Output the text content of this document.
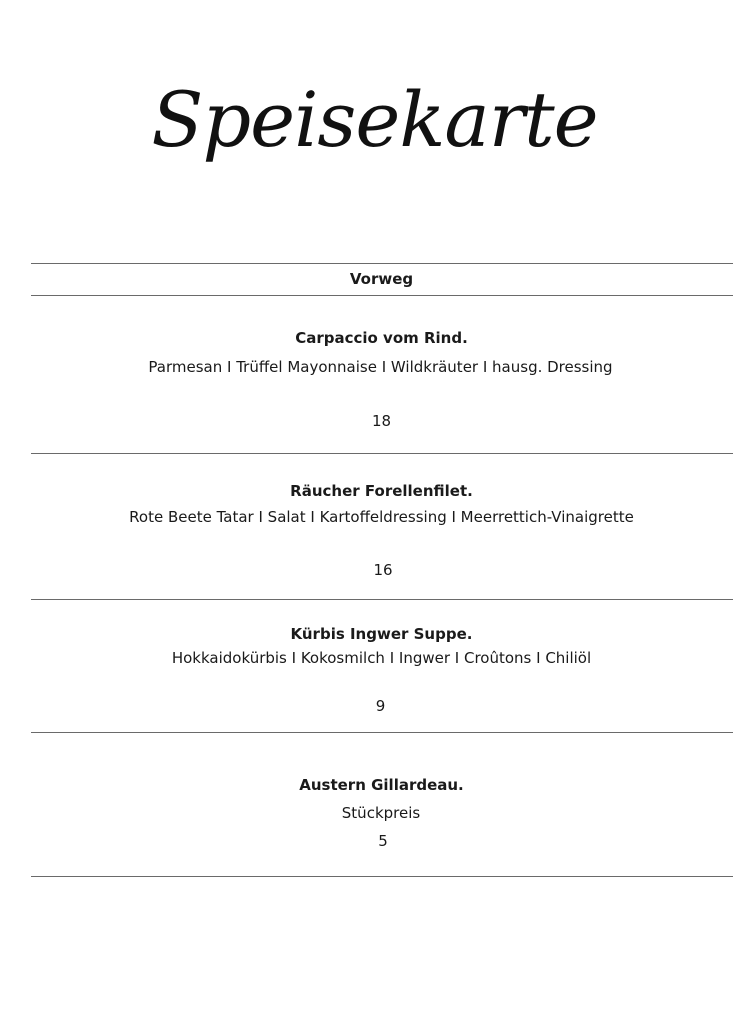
Speisekarte
Vorweg
Carpaccio vom Rind.
Parmesan I Trüffel Mayonnaise I Wildkräuter I hausg. Dressing
18
Räucher Forellenfilet.
Rote Beete Tatar I Salat I Kartoffeldressing I Meerrettich-Vinaigrette
16
Kürbis Ingwer Suppe.
Hokkaidokürbis I Kokosmilch I Ingwer I Croûtons I Chiliöl
9
Austern Gillardeau.
Stückpreis
5
